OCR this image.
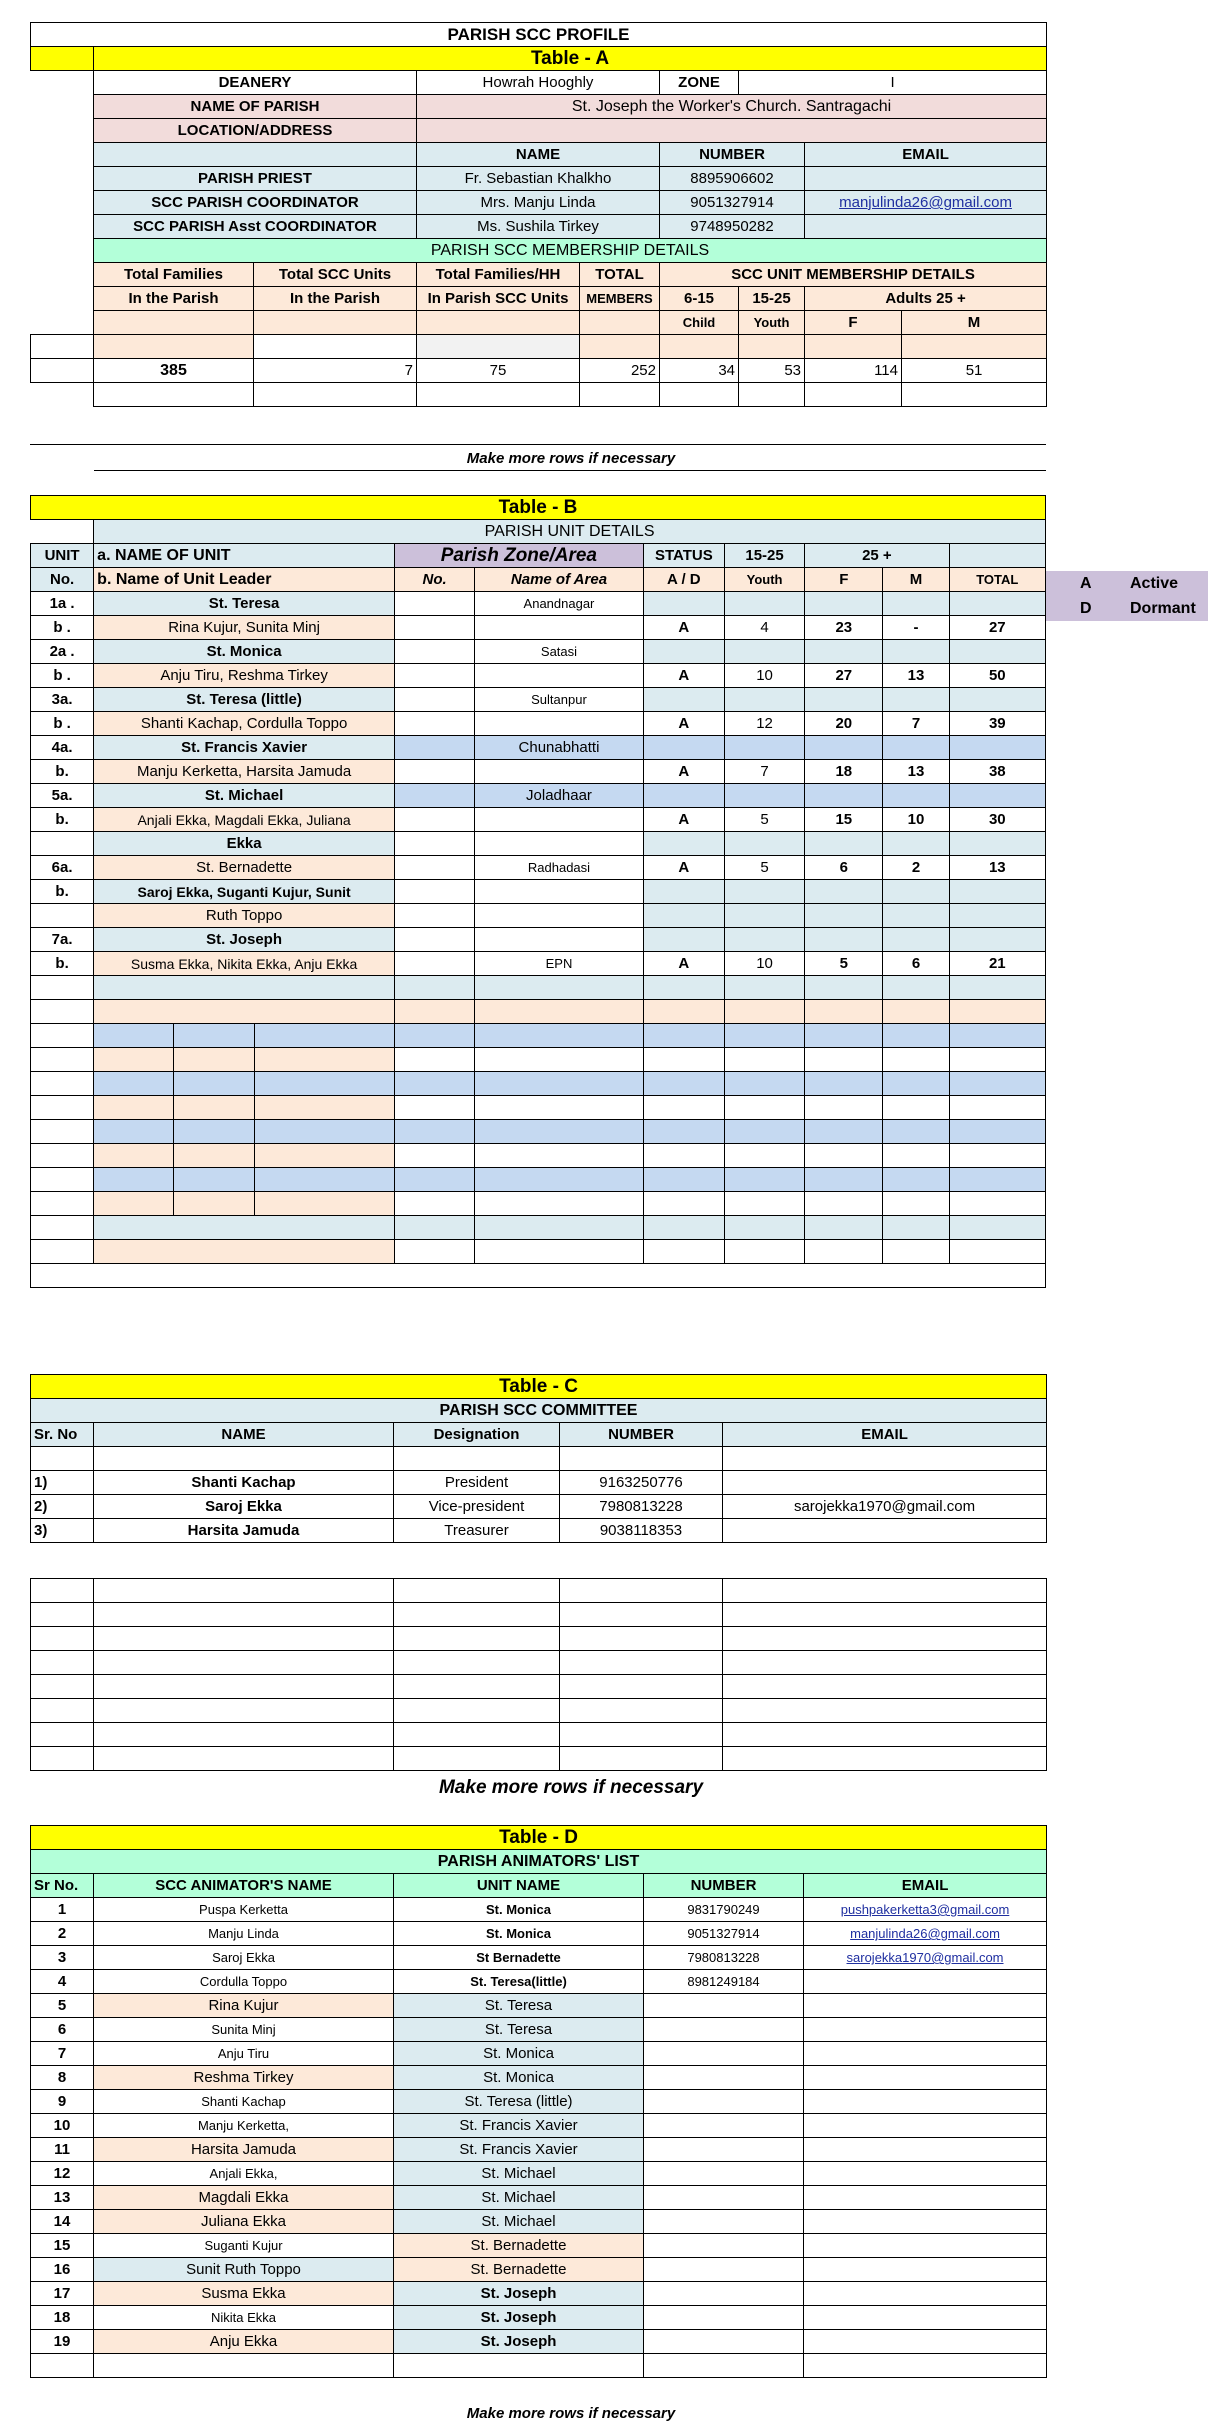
PARISH SCC PROFILE								
	Table - A							
	DEANERY		Howrah Hooghly		ZONE	I		
	NAME OF PARISH		St. Joseph the Worker's Church. Santragachi					
	LOCATION/ADDRESS							
			NAME		NUMBER		EMAIL	
	PARISH PRIEST		Fr. Sebastian Khalkho		8895906602			
	SCC PARISH COORDINATOR		Mrs. Manju Linda		9051327914		manjulinda26@gmail.com	
	SCC PARISH Asst COORDINATOR		Ms. Sushila Tirkey		9748950282			
	PARISH SCC MEMBERSHIP DETAILS							
	Total Families	Total SCC Units	Total Families/HH	TOTAL	SCC UNIT MEMBERSHIP DETAILS			
	In the Parish	In the Parish	In Parish SCC Units	MEMBERS	6-15	15-25	Adults 25 +	
					Child	Youth	F	M

	385	7	75	252	34	53	114	51

Make more rows if necessary
Table - B										
	PARISH UNIT DETAILS									
UNIT	a. NAME OF UNIT			Parish Zone/Area		STATUS	15-25	25 +		
No.	b. Name of Unit Leader			No.	Name of Area	A / D	Youth	F	M	TOTAL
1a .	St. Teresa				Anandnagar					
b .	Rina Kujur, Sunita Minj					A	4	23	-	27
2a .	St. Monica				Satasi					
b .	Anju Tiru, Reshma Tirkey					A	10	27	13	50
3a.	St. Teresa (little)				Sultanpur					
b .	Shanti Kachap, Cordulla Toppo					A	12	20	7	39
4a.	St. Francis Xavier				Chunabhatti					
b.	Manju Kerketta, Harsita Jamuda					A	7	18	13	38
5a.	St. Michael				Joladhaar					
b.	Anjali Ekka, Magdali Ekka, Juliana					A	5	15	10	30
	Ekka									
6a.	St. Bernadette				Radhadasi	A	5	6	2	13
b.	Saroj Ekka, Suganti Kujur, Sunit									
	Ruth Toppo									
7a.	St. Joseph									
b.	Susma Ekka, Nikita Ekka, Anju Ekka				EPN	A	10	5	6	21

A Active
D Dormant
Table - C				
PARISH SCC COMMITTEE				
Sr. No	NAME	Designation	NUMBER	EMAIL

1)	Shanti Kachap	President	9163250776	
2)	Saroj Ekka	Vice-president	7980813228	sarojekka1970@gmail.com
3)	Harsita Jamuda	Treasurer	9038118353	

Make more rows if necessary
Table - D				
PARISH ANIMATORS' LIST				
Sr No.	SCC ANIMATOR'S NAME	UNIT NAME	NUMBER	EMAIL
1	Puspa Kerketta	St. Monica	9831790249	pushpakerketta3@gmail.com
2	Manju Linda	St. Monica	9051327914	manjulinda26@gmail.com
3	Saroj Ekka	St Bernadette	7980813228	sarojekka1970@gmail.com
4	Cordulla Toppo	St. Teresa(little)	8981249184	
5	Rina Kujur	St. Teresa		
6	Sunita Minj	St. Teresa		
7	Anju Tiru	St. Monica		
8	Reshma Tirkey	St. Monica		
9	Shanti Kachap	St. Teresa (little)		
10	Manju Kerketta,	St. Francis Xavier		
11	Harsita Jamuda	St. Francis Xavier		
12	Anjali Ekka,	St. Michael		
13	Magdali Ekka	St. Michael		
14	Juliana Ekka	St. Michael		
15	Suganti Kujur	St. Bernadette		
16	Sunit Ruth Toppo	St. Bernadette		
17	Susma Ekka	St. Joseph		
18	Nikita Ekka	St. Joseph		
19	Anju Ekka	St. Joseph		

Make more rows if necessary
